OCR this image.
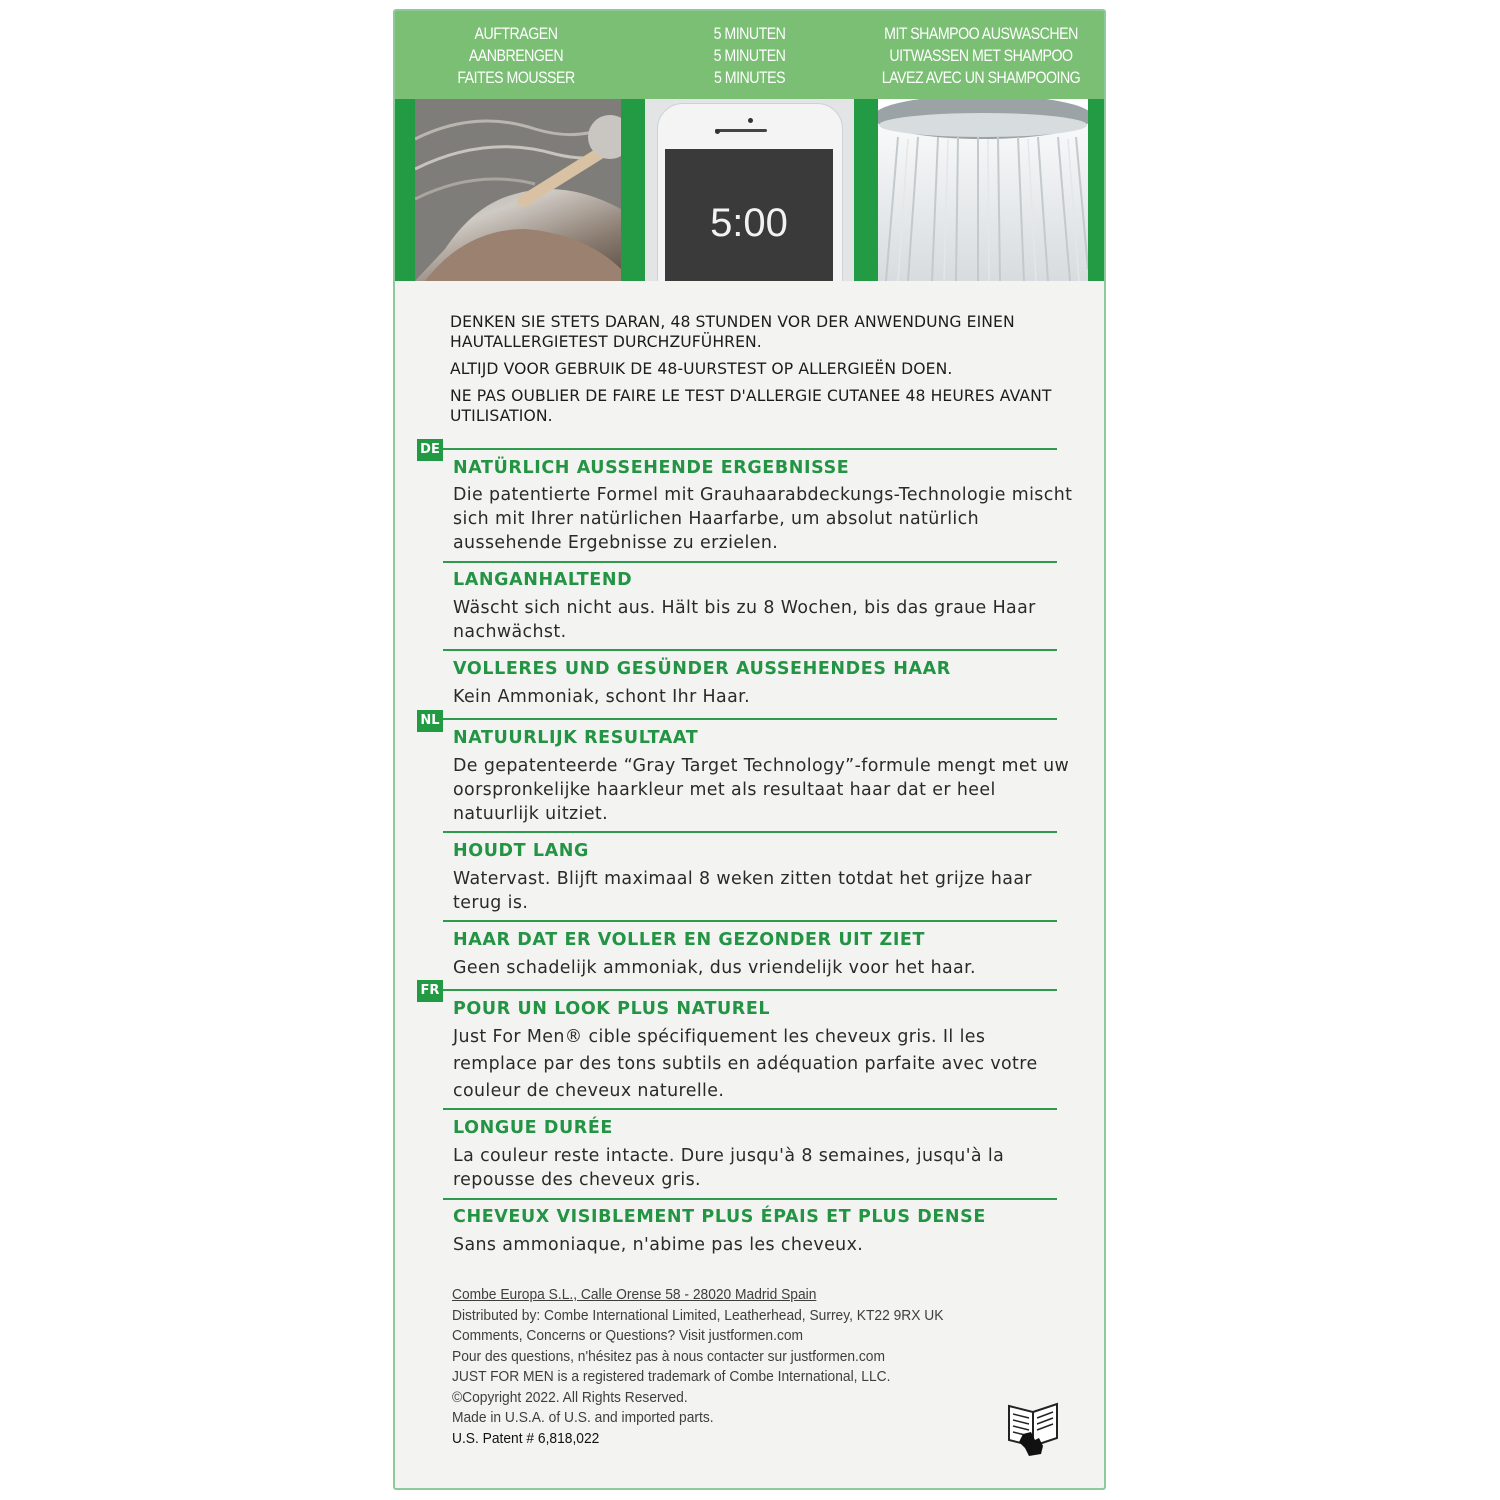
AUFTRAGEN
AANBRENGEN
FAITES MOUSSER
5 MINUTEN
5 MINUTEN
5 MINUTES
MIT SHAMPOO AUSWASCHEN
UITWASSEN MET SHAMPOO
LAVEZ AVEC UN SHAMPOOING
5:00
DENKEN SIE STETS DARAN, 48 STUNDEN VOR DER ANWENDUNG EINEN HAUTALLERGIETEST DURCHZUFÜHREN.
ALTIJD VOOR GEBRUIK DE 48-UURSTEST OP ALLERGIEËN DOEN.
NE PAS OUBLIER DE FAIRE LE TEST D'ALLERGIE CUTANEE 48 HEURES AVANT UTILISATION.
DE
NATÜRLICH AUSSEHENDE ERGEBNISSE
Die patentierte Formel mit Grauhaarabdeckungs-Technologie mischt sich mit Ihrer natürlichen Haarfarbe, um absolut natürlich aussehende Ergebnisse zu erzielen.
LANGANHALTEND
Wäscht sich nicht aus. Hält bis zu 8 Wochen, bis das graue Haar nachwächst.
VOLLERES UND GESÜNDER AUSSEHENDES HAAR
Kein Ammoniak, schont Ihr Haar.
NL
NATUURLIJK RESULTAAT
De gepatenteerde “Gray Target Technology”-formule mengt met uw oorspronkelijke haarkleur met als resultaat haar dat er heel natuurlijk uitziet.
HOUDT LANG
Watervast. Blijft maximaal 8 weken zitten totdat het grijze haar terug is.
HAAR DAT ER VOLLER EN GEZONDER UIT ZIET
Geen schadelijk ammoniak, dus vriendelijk voor het haar.
FR
POUR UN LOOK PLUS NATUREL
Just For Men® cible spécifiquement les cheveux gris. Il les remplace par des tons subtils en adéquation parfaite avec votre couleur de cheveux naturelle.
LONGUE DURÉE
La couleur reste intacte. Dure jusqu'à 8 semaines, jusqu'à la repousse des cheveux gris.
CHEVEUX VISIBLEMENT PLUS ÉPAIS ET PLUS DENSE
Sans ammoniaque, n'abime pas les cheveux.
Combe Europa S.L., Calle Orense 58 - 28020 Madrid Spain
Distributed by: Combe International Limited, Leatherhead, Surrey, KT22 9RX UK
Comments, Concerns or Questions? Visit justformen.com
Pour des questions, n'hésitez pas à nous contacter sur justformen.com
JUST FOR MEN is a registered trademark of Combe International, LLC.
©Copyright 2022. All Rights Reserved.
Made in U.S.A. of U.S. and imported parts.
U.S. Patent # 6,818,022
